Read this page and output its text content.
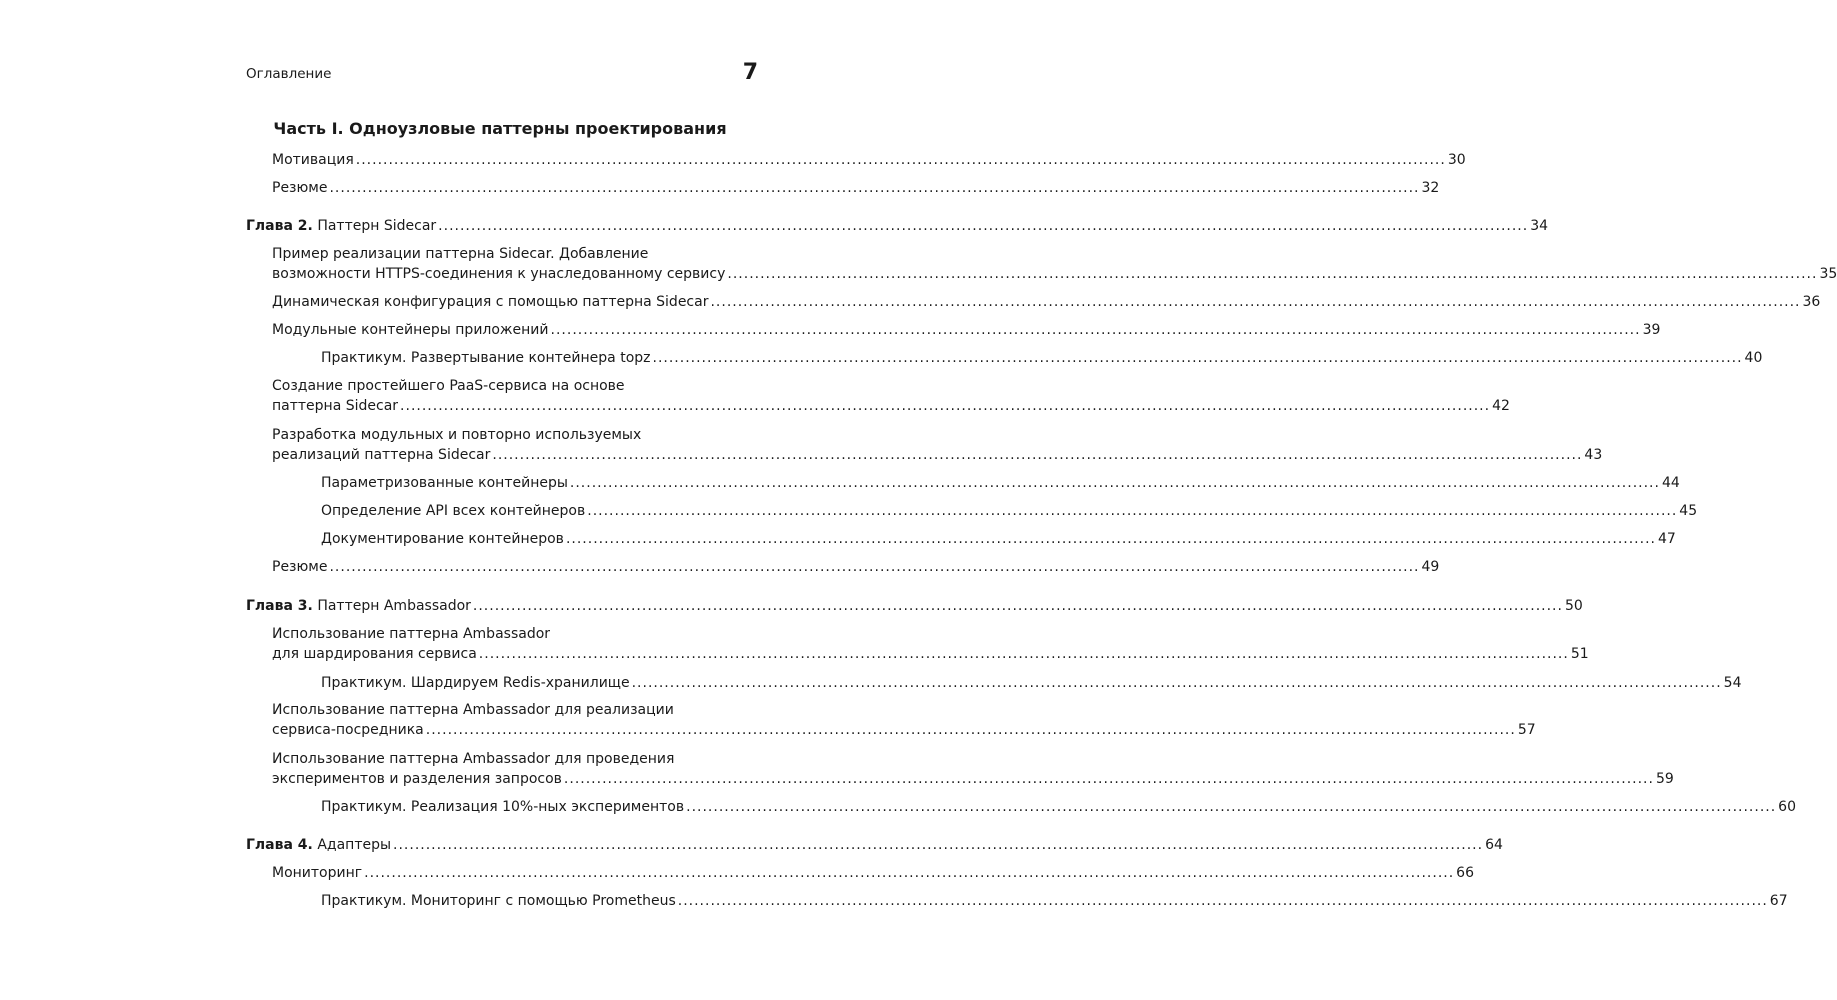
Оглавление	7
Часть I. Одноузловые паттерны проектирования
Мотивация ........................................................................................................................................................................................................ 30
Резюме ........................................................................................................................................................................................................ 32
Глава 2. Паттерн Sidecar ........................................................................................................................................................................................................ 34
Пример реализации паттерна Sidecar. Добавление
возможности HTTPS-соединения к унаследованному сервису ........................................................................................................................................................................................................ 35
Динамическая конфигурация с помощью паттерна Sidecar ........................................................................................................................................................................................................ 36
Модульные контейнеры приложений ........................................................................................................................................................................................................ 39
Практикум. Развертывание контейнера topz ........................................................................................................................................................................................................ 40
Создание простейшего PaaS-сервиса на основе
паттерна Sidecar ........................................................................................................................................................................................................ 42
Разработка модульных и повторно используемых
реализаций паттерна Sidecar ........................................................................................................................................................................................................ 43
Параметризованные контейнеры ........................................................................................................................................................................................................ 44
Определение API всех контейнеров ........................................................................................................................................................................................................ 45
Документирование контейнеров ........................................................................................................................................................................................................ 47
Резюме ........................................................................................................................................................................................................ 49
Глава 3. Паттерн Ambassador ........................................................................................................................................................................................................ 50
Использование паттерна Ambassador
для шардирования сервиса ........................................................................................................................................................................................................ 51
Практикум. Шардируем Redis-хранилище ........................................................................................................................................................................................................ 54
Использование паттерна Ambassador для реализации
сервиса-посредника ........................................................................................................................................................................................................ 57
Использование паттерна Ambassador для проведения
экспериментов и разделения запросов ........................................................................................................................................................................................................ 59
Практикум. Реализация 10%-ных экспериментов ........................................................................................................................................................................................................ 60
Глава 4. Адаптеры ........................................................................................................................................................................................................ 64
Мониторинг ........................................................................................................................................................................................................ 66
Практикум. Мониторинг с помощью Prometheus ........................................................................................................................................................................................................ 67
